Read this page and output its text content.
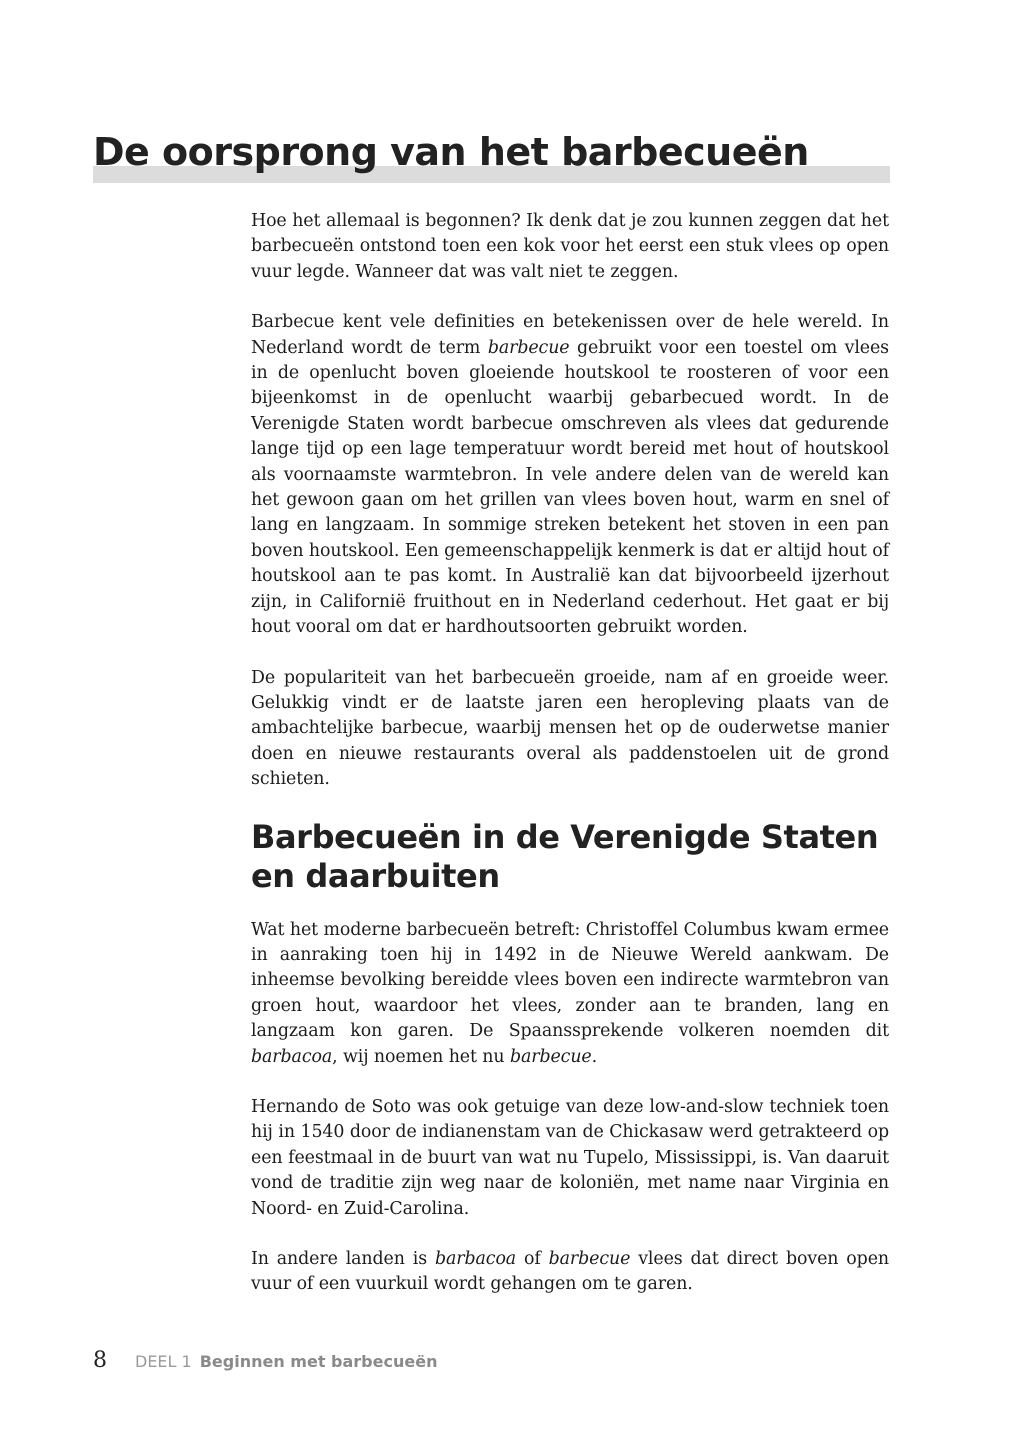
De oorsprong van het barbecueën

Hoe het allemaal is begonnen? Ik denk dat je zou kunnen zeggen dat het barbecueën ontstond toen een kok voor het eerst een stuk vlees op open vuur legde. Wanneer dat was valt niet te zeggen.

Barbecue kent vele definities en betekenissen over de hele wereld. In Nederland wordt de term barbecue gebruikt voor een toestel om vlees in de openlucht boven gloeiende houtskool te roosteren of voor een bijeenkomst in de openlucht waarbij gebarbecued wordt. In de Verenigde Staten wordt barbecue omschreven als vlees dat gedurende lange tijd op een lage temperatuur wordt bereid met hout of houtskool als voornaamste warmtebron. In vele andere delen van de wereld kan het gewoon gaan om het grillen van vlees boven hout, warm en snel of lang en langzaam. In sommige streken betekent het stoven in een pan boven houtskool. Een gemeenschappelijk kenmerk is dat er altijd hout of houtskool aan te pas komt. In Australië kan dat bijvoorbeeld ijzerhout zijn, in Californië fruithout en in Nederland cederhout. Het gaat er bij hout vooral om dat er hardhoutsoorten gebruikt worden.

De populariteit van het barbecueën groeide, nam af en groeide weer. Gelukkig vindt er de laatste jaren een heropleving plaats van de ambachtelijke barbecue, waarbij mensen het op de ouderwetse manier doen en nieuwe restaurants overal als paddenstoelen uit de grond schieten.

Barbecueën in de Verenigde Staten en daarbuiten

Wat het moderne barbecueën betreft: Christoffel Columbus kwam ermee in aanraking toen hij in 1492 in de Nieuwe Wereld aankwam. De inheemse bevolking bereidde vlees boven een indirecte warmtebron van groen hout, waardoor het vlees, zonder aan te branden, lang en langzaam kon garen. De Spaanssprekende volkeren noemden dit barbacoa, wij noemen het nu barbecue.

Hernando de Soto was ook getuige van deze low-and-slow techniek toen hij in 1540 door de indianenstam van de Chickasaw werd getrakteerd op een feestmaal in de buurt van wat nu Tupelo, Mississippi, is. Van daaruit vond de traditie zijn weg naar de koloniën, met name naar Virginia en Noord- en Zuid-Carolina.

In andere landen is barbacoa of barbecue vlees dat direct boven open vuur of een vuurkuil wordt gehangen om te garen.

8 DEEL 1 Beginnen met barbecueën
